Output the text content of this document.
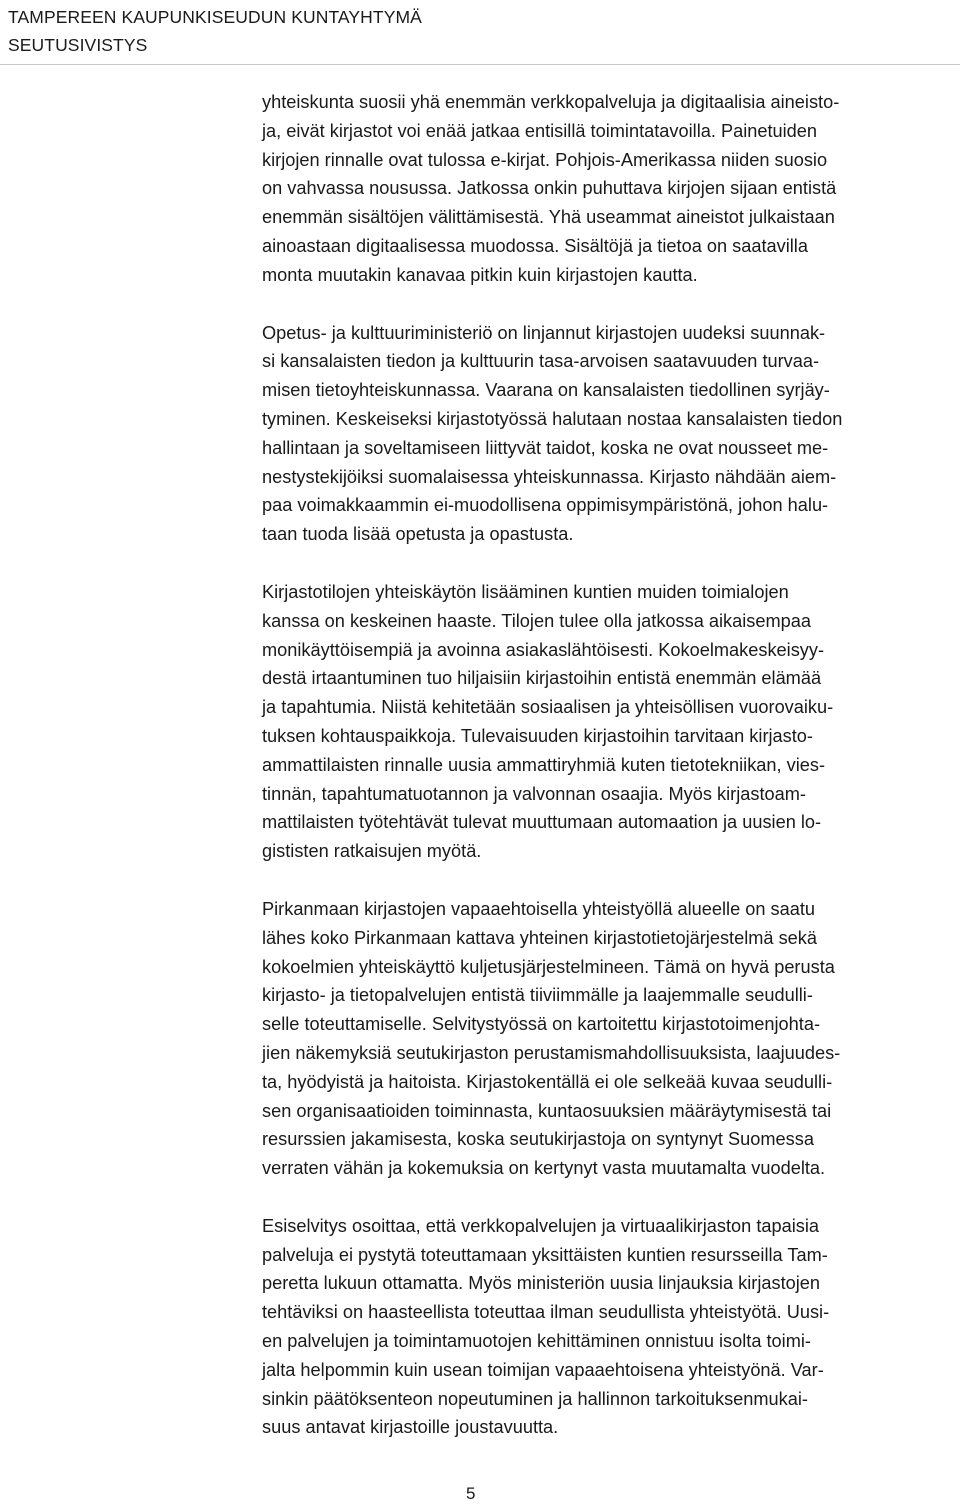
TAMPEREEN KAUPUNKISEUDUN KUNTAYHTYMÄ
SEUTUSIVISTYS
yhteiskunta suosii yhä enemmän verkkopalveluja ja digitaalisia aineisto-
ja, eivät kirjastot voi enää jatkaa entisillä toimintatavoilla. Painetuiden
kirjojen rinnalle ovat tulossa e-kirjat. Pohjois-Amerikassa niiden suosio
on vahvassa nousussa. Jatkossa onkin puhuttava kirjojen sijaan entistä
enemmän sisältöjen välittämisestä. Yhä useammat aineistot julkaistaan
ainoastaan digitaalisessa muodossa. Sisältöjä ja tietoa on saatavilla
monta muutakin kanavaa pitkin kuin kirjastojen kautta.
Opetus- ja kulttuuriministeriö on linjannut kirjastojen uudeksi suunnak-
si kansalaisten tiedon ja kulttuurin tasa-arvoisen saatavuuden turvaa-
misen tietoyhteiskunnassa. Vaarana on kansalaisten tiedollinen syrjäy-
tyminen. Keskeiseksi kirjastotyössä halutaan nostaa kansalaisten tiedon
hallintaan ja soveltamiseen liittyvät taidot, koska ne ovat nousseet me-
nestystekijöiksi suomalaisessa yhteiskunnassa. Kirjasto nähdään aiem-
paa voimakkaammin ei-muodollisena oppimisympäristönä, johon halu-
taan tuoda lisää opetusta ja opastusta.
Kirjastotilojen yhteiskäytön lisääminen kuntien muiden toimialojen
kanssa on keskeinen haaste. Tilojen tulee olla jatkossa aikaisempaa
monikäyttöisempiä ja avoinna asiakaslähtöisesti. Kokoelmakeskeisyy-
destä irtaantuminen tuo hiljaisiin kirjastoihin entistä enemmän elämää
ja tapahtumia. Niistä kehitetään sosiaalisen ja yhteisöllisen vuorovaiku-
tuksen kohtauspaikkoja. Tulevaisuuden kirjastoihin tarvitaan kirjasto-
ammattilaisten rinnalle uusia ammattiryhmiä kuten tietotekniikan, vies-
tinnän, tapahtumatuotannon ja valvonnan osaajia. Myös kirjastoam-
mattilaisten työtehtävät tulevat muuttumaan automaation ja uusien lo-
gististen ratkaisujen myötä.
Pirkanmaan kirjastojen vapaaehtoisella yhteistyöllä alueelle on saatu
lähes koko Pirkanmaan kattava yhteinen kirjastotietojärjestelmä sekä
kokoelmien yhteiskäyttö kuljetusjärjestelmineen. Tämä on hyvä perusta
kirjasto- ja tietopalvelujen entistä tiiviimmälle ja laajemmalle seudulli-
selle toteuttamiselle. Selvitystyössä on kartoitettu kirjastotoimenjohta-
jien näkemyksiä seutukirjaston perustamismahdollisuuksista, laajuudes-
ta, hyödyistä ja haitoista. Kirjastokentällä ei ole selkeää kuvaa seudulli-
sen organisaatioiden toiminnasta, kuntaosuuksien määräytymisestä tai
resurssien jakamisesta, koska seutukirjastoja on syntynyt Suomessa
verraten vähän ja kokemuksia on kertynyt vasta muutamalta vuodelta.
Esiselvitys osoittaa, että verkkopalvelujen ja virtuaalikirjaston tapaisia
palveluja ei pystytä toteuttamaan yksittäisten kuntien resursseilla Tam-
peretta lukuun ottamatta. Myös ministeriön uusia linjauksia kirjastojen
tehtäviksi on haasteellista toteuttaa ilman seudullista yhteistyötä. Uusi-
en palvelujen ja toimintamuotojen kehittäminen onnistuu isolta toimi-
jalta helpommin kuin usean toimijan vapaaehtoisena yhteistyönä. Var-
sinkin päätöksenteon nopeutuminen ja hallinnon tarkoituksenmukai-
suus antavat kirjastoille joustavuutta.
5
